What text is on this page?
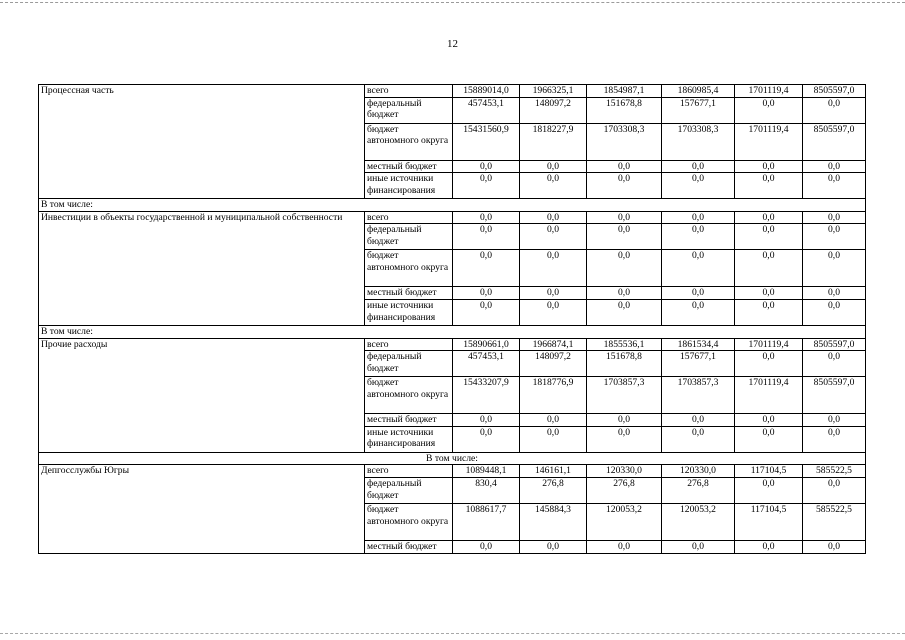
12
Процессная часть	всего	15889014,0	1966325,1	1854987,1	1860985,4	1701119,4	8505597,0
	федеральный бюджет	457453,1	148097,2	151678,8	157677,1	0,0	0,0
	бюджет автономного округа	15431560,9	1818227,9	1703308,3	1703308,3	1701119,4	8505597,0
	местный бюджет	0,0	0,0	0,0	0,0	0,0	0,0
	иные источники финансирования	0,0	0,0	0,0	0,0	0,0	0,0
В том числе:							
Инвестиции в объекты государственной и муниципальной собственности	всего	0,0	0,0	0,0	0,0	0,0	0,0
	федеральный бюджет	0,0	0,0	0,0	0,0	0,0	0,0
	бюджет автономного округа	0,0	0,0	0,0	0,0	0,0	0,0
	местный бюджет	0,0	0,0	0,0	0,0	0,0	0,0
	иные источники финансирования	0,0	0,0	0,0	0,0	0,0	0,0
В том числе:							
Прочие расходы	всего	15890661,0	1966874,1	1855536,1	1861534,4	1701119,4	8505597,0
	федеральный бюджет	457453,1	148097,2	151678,8	157677,1	0,0	0,0
	бюджет автономного округа	15433207,9	1818776,9	1703857,3	1703857,3	1701119,4	8505597,0
	местный бюджет	0,0	0,0	0,0	0,0	0,0	0,0
	иные источники финансирования	0,0	0,0	0,0	0,0	0,0	0,0
В том числе:							
Депгосслужбы Югры	всего	1089448,1	146161,1	120330,0	120330,0	117104,5	585522,5
	федеральный бюджет	830,4	276,8	276,8	276,8	0,0	0,0
	бюджет автономного округа	1088617,7	145884,3	120053,2	120053,2	117104,5	585522,5
	местный бюджет	0,0	0,0	0,0	0,0	0,0	0,0
